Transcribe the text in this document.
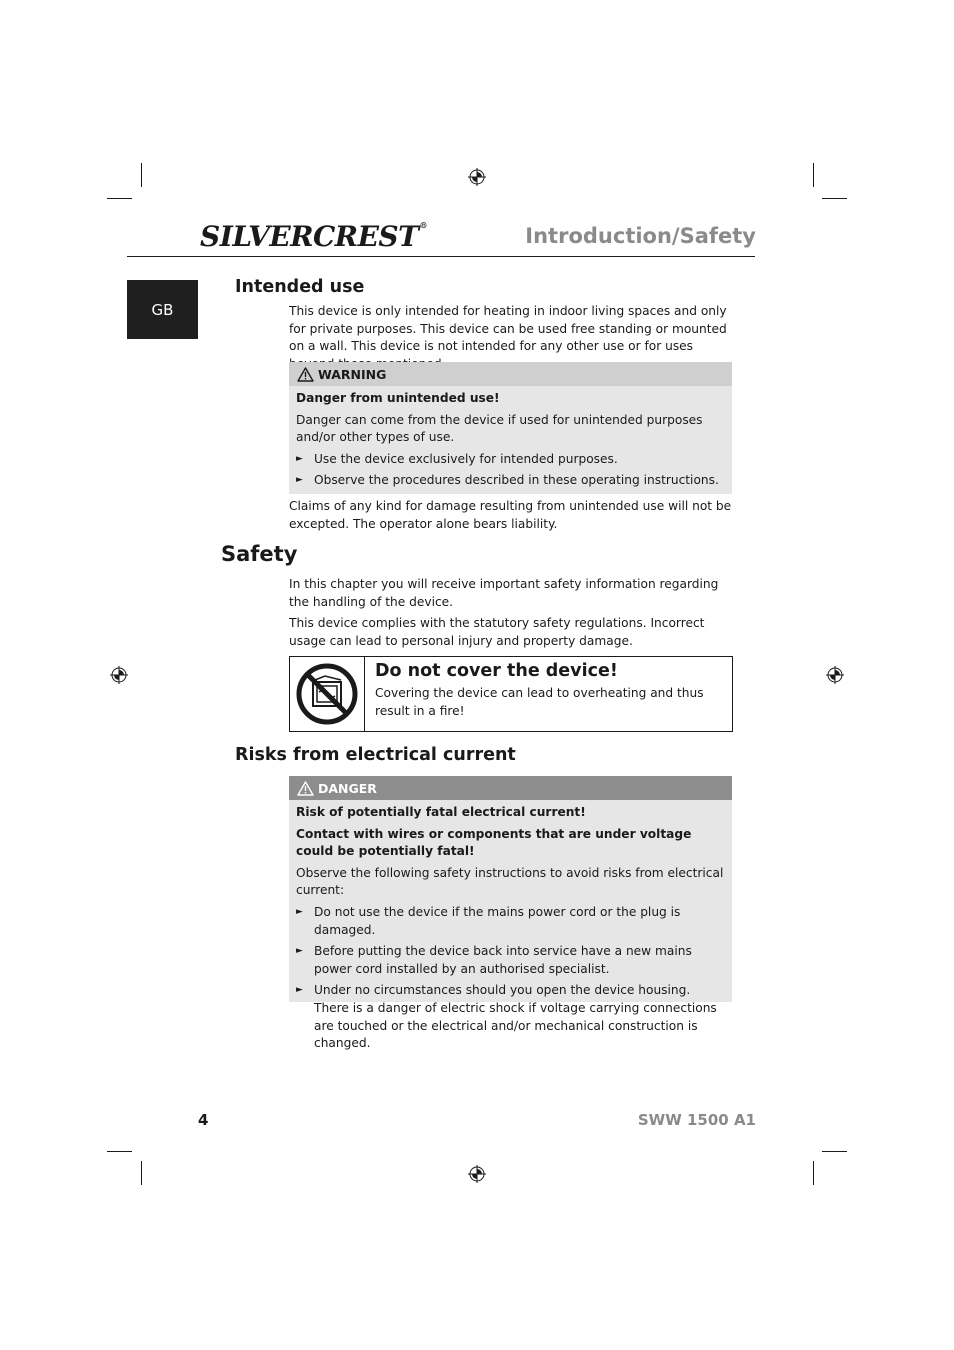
SILVERCREST®	Introduction/Safety
GB
Intended use

This device is only intended for heating in indoor living spaces and only for private purposes. This device can be used free standing or mounted on a wall. This device is not intended for any other use or for uses

WARNING

Danger from unintended use!

Danger can come from the device if used for unintended purposes and/or other types of use.

► Use the device exclusively for intended purposes.
► Observe the procedures described in these operating instructions.

Claims of any kind for damage resulting from unintended use will not be excepted. The operator alone bears liability.

Safety

In this chapter you will receive important safety information regarding the handling of the device.

This device complies with the statutory safety regulations. Incorrect usage can lead to personal injury and property damage.

Do not cover the device!

Covering the device can lead to overheating and thus result in a fire!

Risks from electrical current
DANGER

Risk of potentially fatal electrical current!

Contact with wires or components that are under voltage could be potentially fatal!

Observe the following safety instructions to avoid risks from electrical current:

► Do not use the device if the mains power cord or the plug is damaged.
► Before putting the device back into service have a new mains power cord installed by an authorised specialist.
► Under no circumstances should you open the device housing. There is a danger of electric shock if voltage carrying connections are touched or the electrical and/or mechanical construction is changed.
4	SWW 1500 A1
